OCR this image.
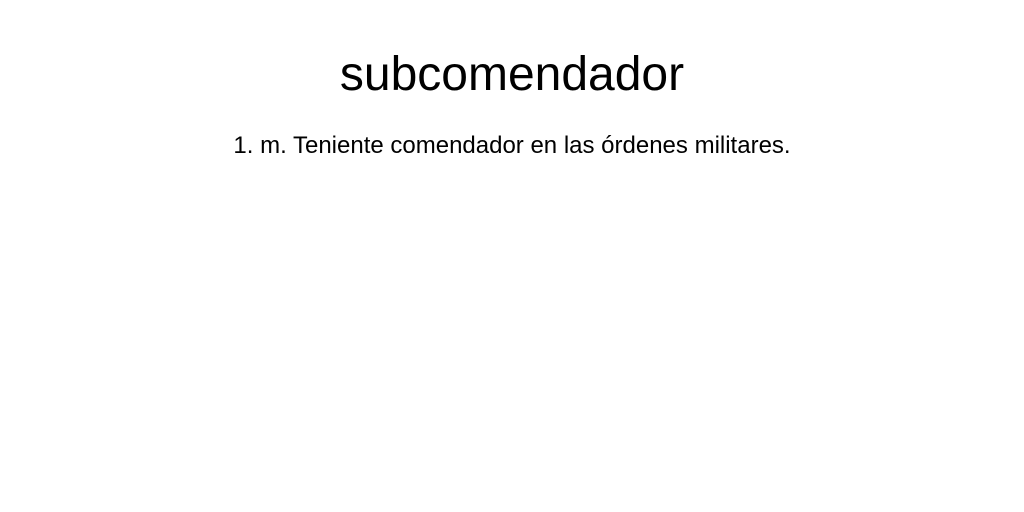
subcomendador

1. m. Teniente comendador en las órdenes militares.
